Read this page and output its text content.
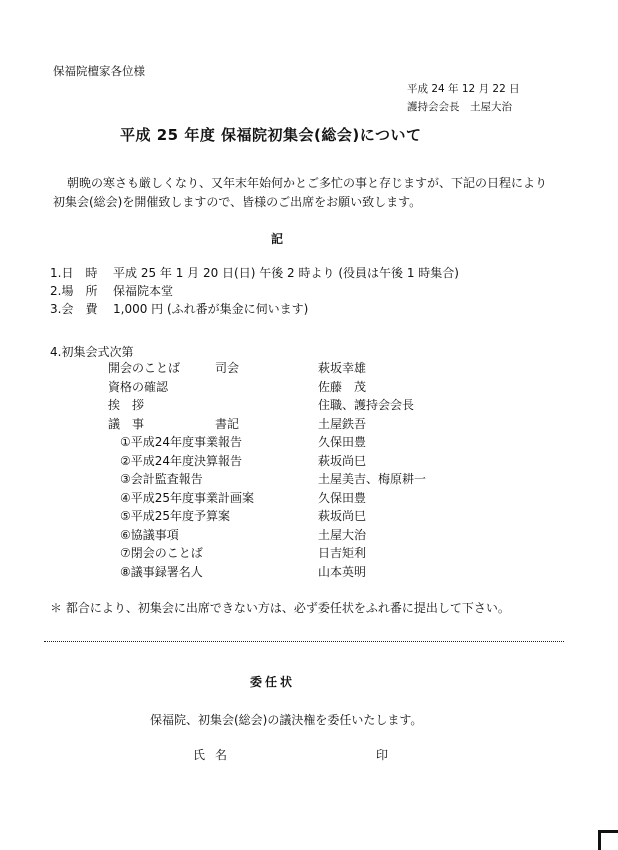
保福院檀家各位様
平成 24 年 12 月 22 日
護持会会長　土屋大治
平成 25 年度 保福院初集会(総会)について
朝晩の寒さも厳しくなり、又年末年始何かとご多忙の事と存じますが、下記の日程により
初集会(総会)を開催致しますので、皆様のご出席をお願い致します。
記
1.日　時 平成 25 年 1 月 20 日(日) 午後 2 時より (役員は午後 1 時集合)
2.場　所 保福院本堂
3.会　費 1,000 円 (ふれ番が集金に伺います)
4.初集会式次第
開会のことば	司会	萩坂幸雄
資格の確認	佐藤　茂
挨　拶	住職、護持会会長
議　事	書記	土屋鉄吾
①平成24年度事業報告	久保田豊
②平成24年度決算報告	萩坂尚巳
③会計監査報告	土屋美吉、梅原耕一
④平成25年度事業計画案	久保田豊
⑤平成25年度予算案	萩坂尚巳
⑥協議事項	土屋大治
⑦閉会のことば	日吉矩利
⑧議事録署名人	山本英明
＊ 都合により、初集会に出席できない方は、必ず委任状をふれ番に提出して下さい。
委任状
保福院、初集会(総会)の議決権を委任いたします。
氏名	印
